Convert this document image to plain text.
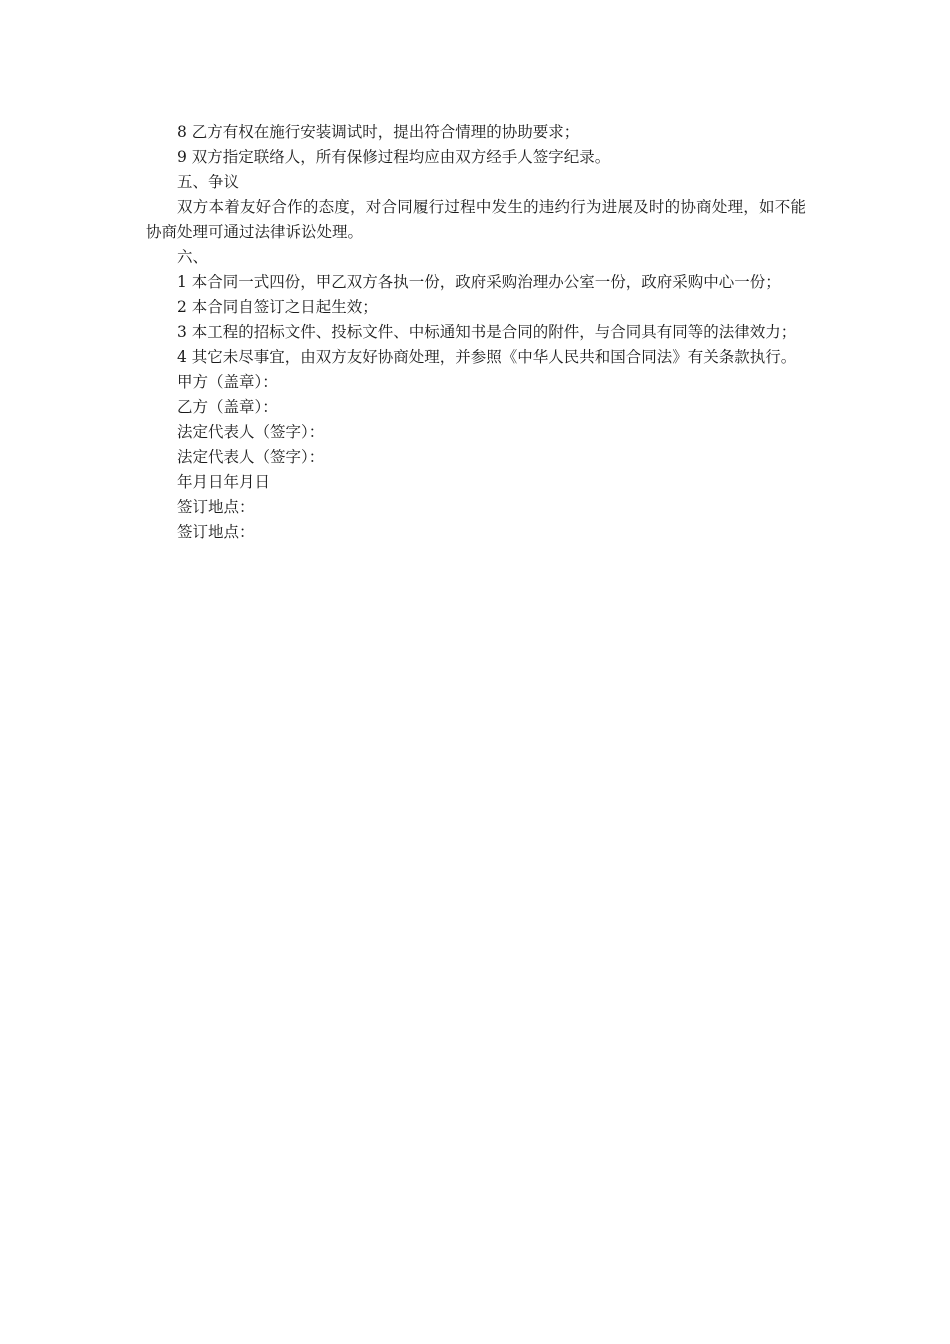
8 乙方有权在施行安装调试时，提出符合情理的协助要求；

9 双方指定联络人，所有保修过程均应由双方经手人签字纪录。

五、争议

双方本着友好合作的态度，对合同履行过程中发生的违约行为进展及时的协商处理，如不能协商处理可通过法律诉讼处理。

六、

1 本合同一式四份，甲乙双方各执一份，政府采购治理办公室一份，政府采购中心一份；

2 本合同自签订之日起生效；

3 本工程的招标文件、投标文件、中标通知书是合同的附件，与合同具有同等的法律效力；

4 其它未尽事宜，由双方友好协商处理，并参照《中华人民共和国合同法》有关条款执行。

甲方（盖章）：

乙方（盖章）：

法定代表人（签字）：

法定代表人（签字）：

年月日年月日

签订地点：

签订地点：
